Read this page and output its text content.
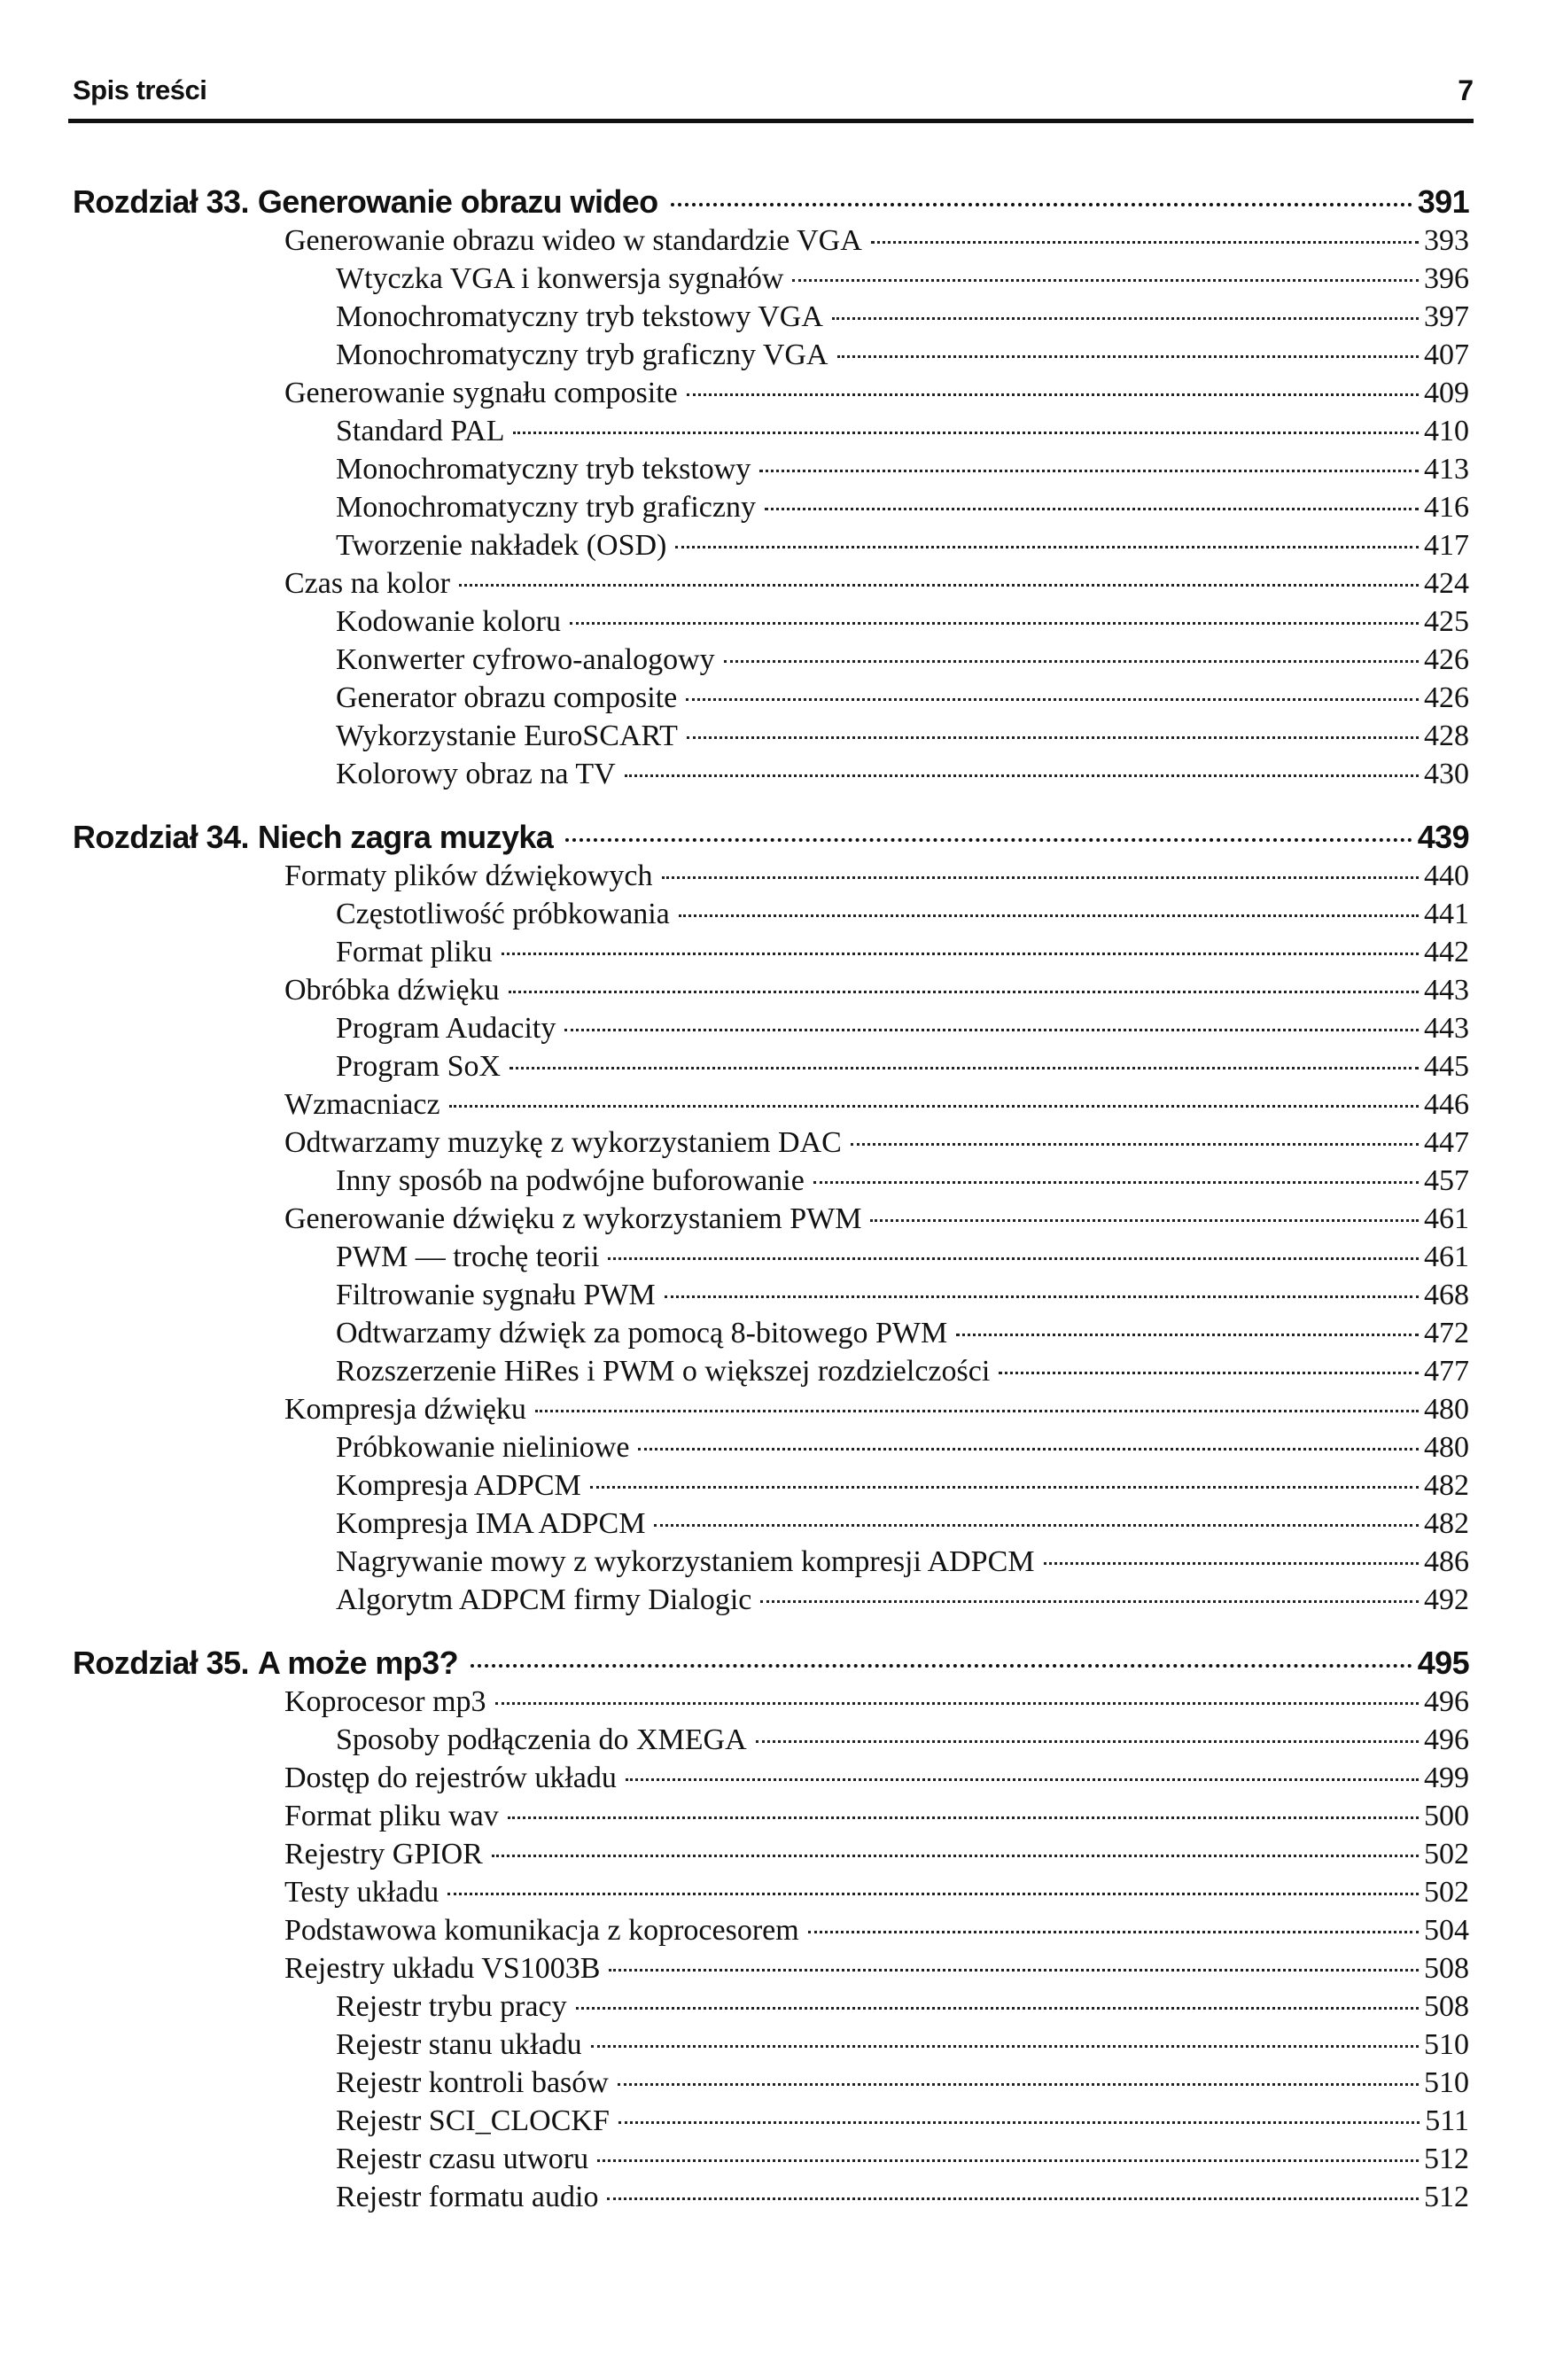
Spis treści	7
Rozdział 33. Generowanie obrazu wideo	391
Generowanie obrazu wideo w standardzie VGA	393
Wtyczka VGA i konwersja sygnałów	396
Monochromatyczny tryb tekstowy VGA	397
Monochromatyczny tryb graficzny VGA	407
Generowanie sygnału composite	409
Standard PAL	410
Monochromatyczny tryb tekstowy	413
Monochromatyczny tryb graficzny	416
Tworzenie nakładek (OSD)	417
Czas na kolor	424
Kodowanie koloru	425
Konwerter cyfrowo-analogowy	426
Generator obrazu composite	426
Wykorzystanie EuroSCART	428
Kolorowy obraz na TV	430
Rozdział 34. Niech zagra muzyka	439
Formaty plików dźwiękowych	440
Częstotliwość próbkowania	441
Format pliku	442
Obróbka dźwięku	443
Program Audacity	443
Program SoX	445
Wzmacniacz	446
Odtwarzamy muzykę z wykorzystaniem DAC	447
Inny sposób na podwójne buforowanie	457
Generowanie dźwięku z wykorzystaniem PWM	461
PWM — trochę teorii	461
Filtrowanie sygnału PWM	468
Odtwarzamy dźwięk za pomocą 8-bitowego PWM	472
Rozszerzenie HiRes i PWM o większej rozdzielczości	477
Kompresja dźwięku	480
Próbkowanie nieliniowe	480
Kompresja ADPCM	482
Kompresja IMA ADPCM	482
Nagrywanie mowy z wykorzystaniem kompresji ADPCM	486
Algorytm ADPCM firmy Dialogic	492
Rozdział 35. A może mp3?	495
Koprocesor mp3	496
Sposoby podłączenia do XMEGA	496
Dostęp do rejestrów układu	499
Format pliku wav	500
Rejestry GPIOR	502
Testy układu	502
Podstawowa komunikacja z koprocesorem	504
Rejestry układu VS1003B	508
Rejestr trybu pracy	508
Rejestr stanu układu	510
Rejestr kontroli basów	510
Rejestr SCI_CLOCKF	511
Rejestr czasu utworu	512
Rejestr formatu audio	512
